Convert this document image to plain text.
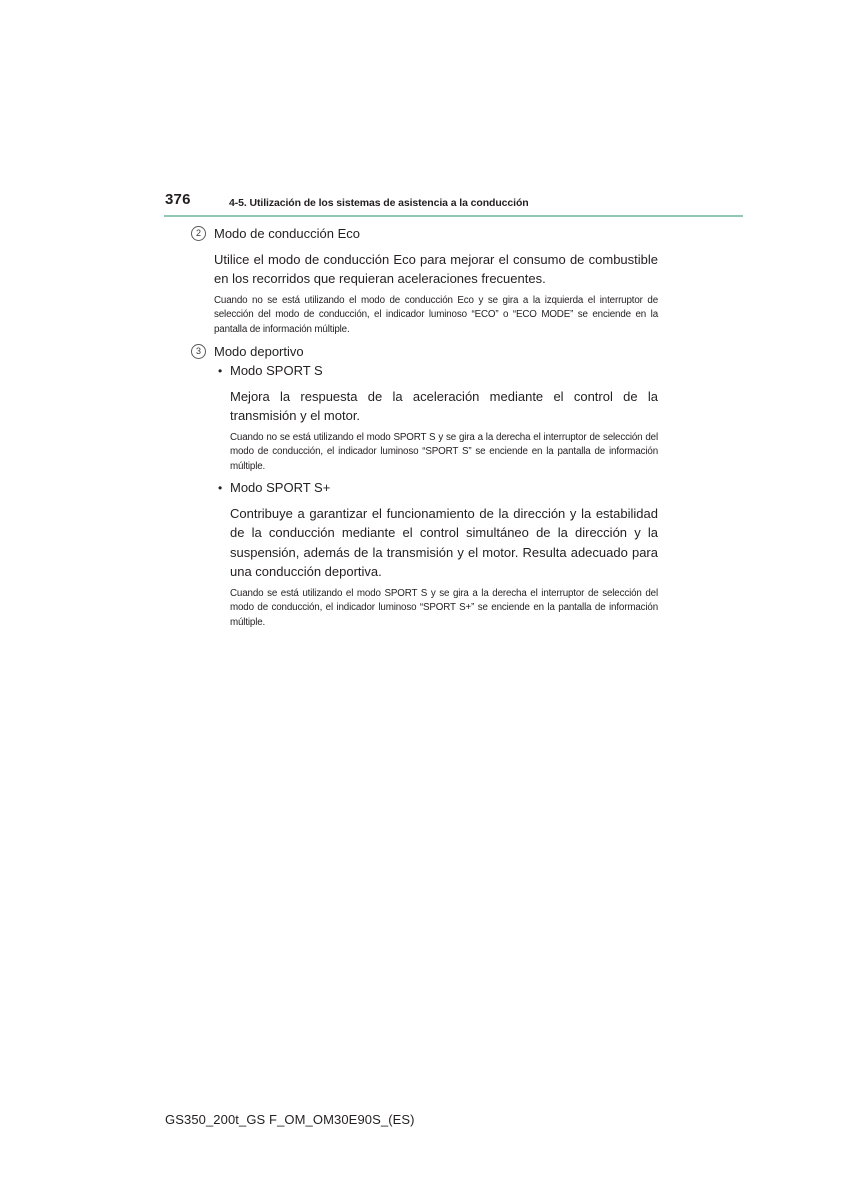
376	4-5. Utilización de los sistemas de asistencia a la conducción
2	Modo de conducción Eco
Utilice el modo de conducción Eco para mejorar el consumo de combustible en los recorridos que requieran aceleraciones frecuentes.
Cuando no se está utilizando el modo de conducción Eco y se gira a la izquierda el interruptor de selección del modo de conducción, el indicador luminoso “ECO” o “ECO MODE” se enciende en la pantalla de información múltiple.
3	Modo deportivo
• Modo SPORT S
Mejora la respuesta de la aceleración mediante el control de la transmisión y el motor.
Cuando no se está utilizando el modo SPORT S y se gira a la derecha el interruptor de selección del modo de conducción, el indicador luminoso “SPORT S” se enciende en la pantalla de información múltiple.
• Modo SPORT S+
Contribuye a garantizar el funcionamiento de la dirección y la estabilidad de la conducción mediante el control simultáneo de la dirección y la suspensión, además de la transmisión y el motor. Resulta adecuado para una conducción deportiva.
Cuando se está utilizando el modo SPORT S y se gira a la derecha el interruptor de selección del modo de conducción, el indicador luminoso “SPORT S+” se enciende en la pantalla de información múltiple.
GS350_200t_GS F_OM_OM30E90S_(ES)
